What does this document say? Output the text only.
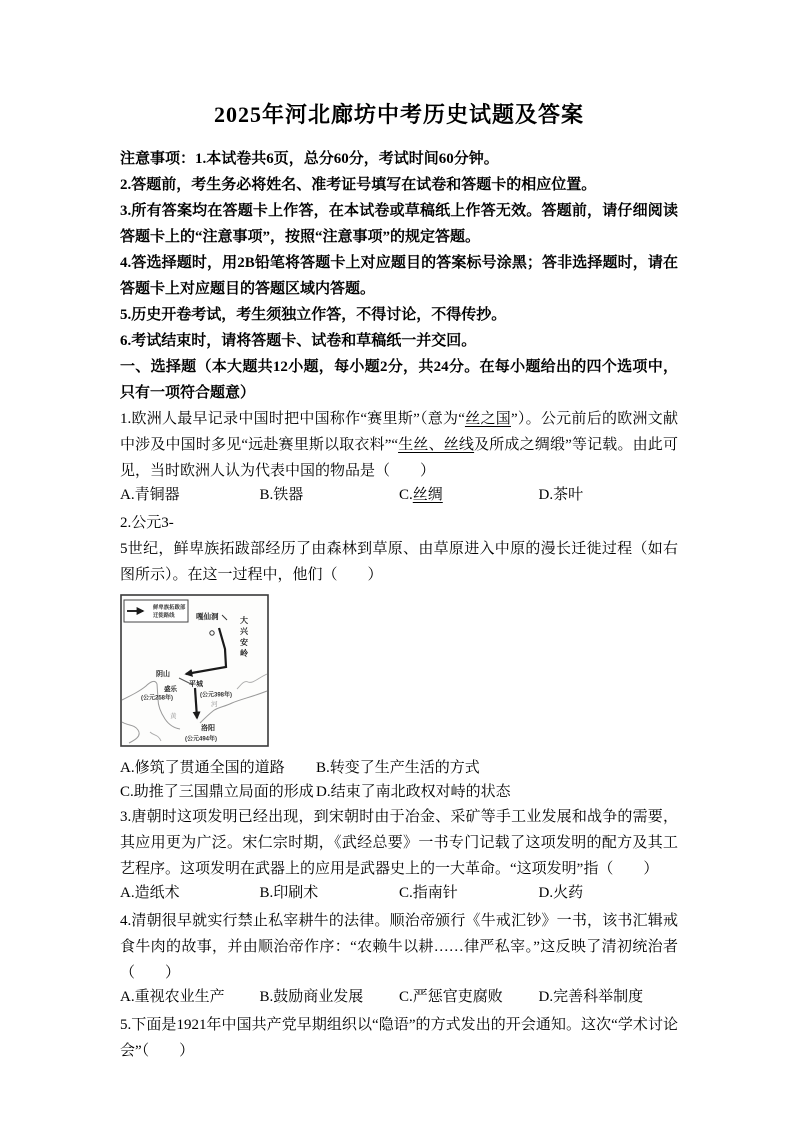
2025年河北廊坊中考历史试题及答案

注意事项：1.本试卷共6页，总分60分，考试时间60分钟。

2.答题前，考生务必将姓名、准考证号填写在试卷和答题卡的相应位置。

3.所有答案均在答题卡上作答，在本试卷或草稿纸上作答无效。答题前，请仔细阅读答题卡上的“注意事项”，按照“注意事项”的规定答题。

4.答选择题时，用2B铅笔将答题卡上对应题目的答案标号涂黑；答非选择题时，请在答题卡上对应题目的答题区域内答题。

5.历史开卷考试，考生须独立作答，不得讨论，不得传抄。

6.考试结束时，请将答题卡、试卷和草稿纸一并交回。

一、选择题（本大题共12小题，每小题2分，共24分。在每小题给出的四个选项中，只有一项符合题意）

1.欧洲人最早记录中国时把中国称作“赛里斯”（意为“丝之国”）。公元前后的欧洲文献中涉及中国时多见“远赴赛里斯以取衣料”“生丝、丝线及所成之绸缎”等记载。由此可见，当时欧洲人认为代表中国的物品是（　　）

A.青铜器	B.铁器	C.丝绸	D.茶叶

2.公元3-

5世纪，鲜卑族拓跋部经历了由森林到草原、由草原进入中原的漫长迁徙过程（如右图所示）。在这一过程中，他们（　　）

鲜卑族拓跋部
迁徙路线	嘎仙洞	大兴安岭
阴山
盛乐
(公元258年)
平城
(公元398年)
洛阳
(公元494年)
黄
河
A.修筑了贯通全国的道路	B.转变了生产生活的方式
C.助推了三国鼎立局面的形成 D.结束了南北政权对峙的状态

3.唐朝时这项发明已经出现，到宋朝时由于冶金、采矿等手工业发展和战争的需要，其应用更为广泛。宋仁宗时期，《武经总要》一书专门记载了这项发明的配方及其工艺程序。这项发明在武器上的应用是武器史上的一大革命。“这项发明”指（　　）

A.造纸术	B.印刷术	C.指南针	D.火药

4.清朝很早就实行禁止私宰耕牛的法律。顺治帝颁行《牛戒汇钞》一书，该书汇辑戒食牛肉的故事，并由顺治帝作序：“农赖牛以耕……律严私宰。”这反映了清初统治者（　　）

A.重视农业生产	B.鼓励商业发展	C.严惩官吏腐败	D.完善科举制度

5.下面是1921年中国共产党早期组织以“隐语”的方式发出的开会通知。这次“学术讨论会”（　　）
